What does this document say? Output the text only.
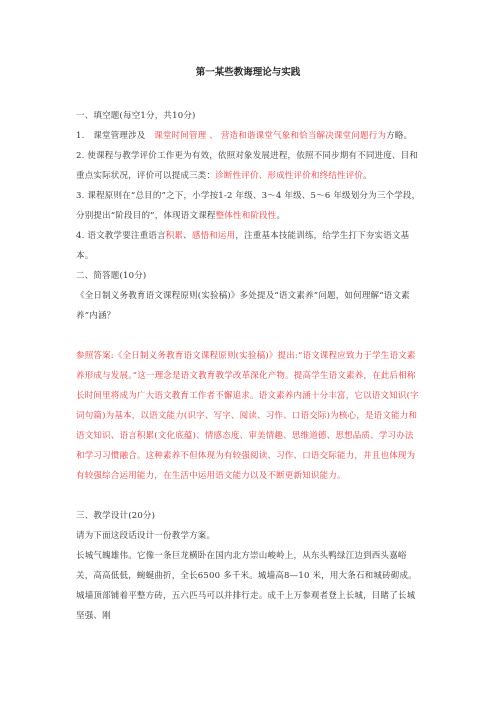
第一某些教诲理论与实践

一、填空题(每空1分，共10分)

1.　 课堂管理涉及　 课堂时间管理 、 营造和谐课堂气象和恰当解决课堂问题行为方略。

2. 使课程与教学评价工作更为有效，依照对象发展进程，依照不同步期有不同进度、目和重点实际状况，评价可以提成三类：诊断性评价、形成性评价和终结性评价。

3. 课程原则在“总目的”之下，小学按1-2 年级、3～4 年级、5～6 年级划分为三个学段，分别提出“阶段目的”，体现语文课程整体性和阶段性。

4. 语文教学要注重语言积累、感悟和运用，注重基本技能训练，给学生打下夯实语文基本。

二、简答题(10分)

《全日制义务教育语文课程原则(实验稿)》多处提及“语文素养”问题，如何理解“语文素养”内涵？

参照答案:《全日制义务教育语文课程原则(实验稿)》提出:“语文课程应致力于学生语文素养形成与发展。”这一理念是语文教育教学改革深化产物。提高学生语文素养，在此后相称长时间里将成为广大语文教育工作者不懈追求。语文素养内涵十分丰富，它以语文知识(字词句篇)为基本，以语文能力(识字、写字、阅读、习作、口语交际)为核心，是语文能力和语文知识、语言积累(文化底蕴)、情感态度、审美情趣、思维道德、思想品质、学习办法和学习习惯融合。这种素养不但体现为有较强阅读、习作、口语交际能力，并且也体现为有较强综合运用能力，在生活中运用语文能力以及不断更新知识能力。

三、教学设计(20分)

请为下面这段话设计一份教学方案。

长城气魄雄伟。它像一条巨龙横卧在国内北方崇山峻岭上，从东头鸭绿江边到西头嘉峪关，高高低低，蜿蜒曲折，全长6500 多千米。城墙高8—10 米，用大条石和城砖砌成。城墙顶部铺着平整方砖，五六匹马可以并排行走。成千上万参观者登上长城，目睹了长城坚强、刚
